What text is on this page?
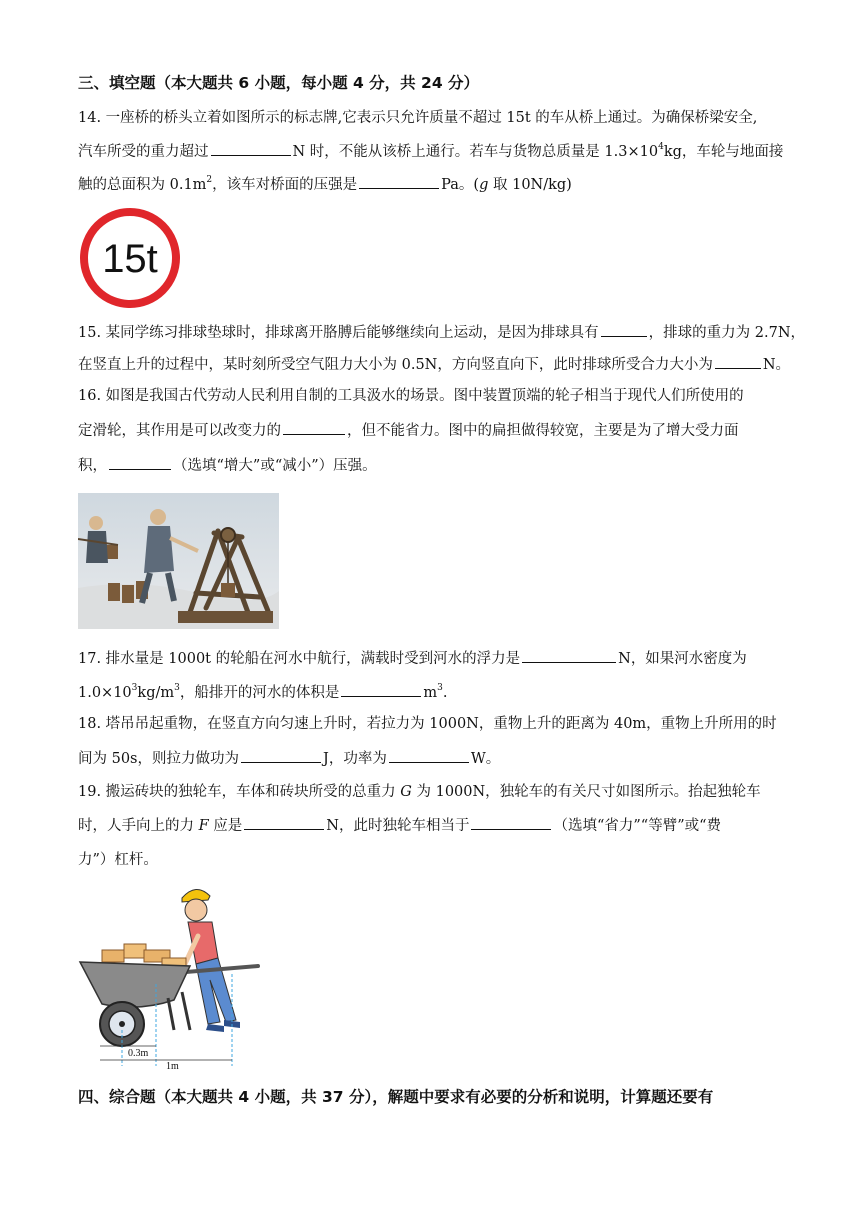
三、填空题（本大题共 6 小题，每小题 4 分，共 24 分）
14. 一座桥的桥头立着如图所示的标志牌,它表示只允许质量不超过 15t 的车从桥上通过。为确保桥梁安全,
汽车所受的重力超过	N 时，不能从该桥上通行。若车与货物总质量是 $1.3\times 10^4kg$，车轮与地面接
触的总面积为 $0.1m^2$，该车对桥面的压强是	Pa。(g 取 10N/kg)
15t
15. 某同学练习排球垫球时，排球离开胳膊后能够继续向上运动，是因为排球具有	，排球的重力为 2.7N，
在竖直上升的过程中，某时刻所受空气阻力大小为 0.5N，方向竖直向下，此时排球所受合力大小为	N。
16. 如图是我国古代劳动人民利用自制的工具汲水的场景。图中装置顶端的轮子相当于现代人们所使用的
定滑轮，其作用是可以改变力的	，但不能省力。图中的扁担做得较宽，主要是为了增大受力面
积，	（选填“增大”或“减小”）压强。
17. 排水量是 1000t 的轮船在河水中航行，满载时受到河水的浮力是	N，如果河水密度为
$1.0\times 10^3kg/m^3$，船排开的河水的体积是	$m^3$.
18. 塔吊吊起重物，在竖直方向匀速上升时，若拉力为 1000N，重物上升的距离为 40m，重物上升所用的时
间为 50s，则拉力做功为	J，功率为	W。
19. 搬运砖块的独轮车，车体和砖块所受的总重力 G 为 1000N，独轮车的有关尺寸如图所示。抬起独轮车
时，人手向上的力 F 应是	N，此时独轮车相当于	（选填“省力”“等臂”或“费
力”）杠杆。
0.3m
1m
四、综合题（本大题共 4 小题，共 37 分），解题中要求有必要的分析和说明，计算题还要有
